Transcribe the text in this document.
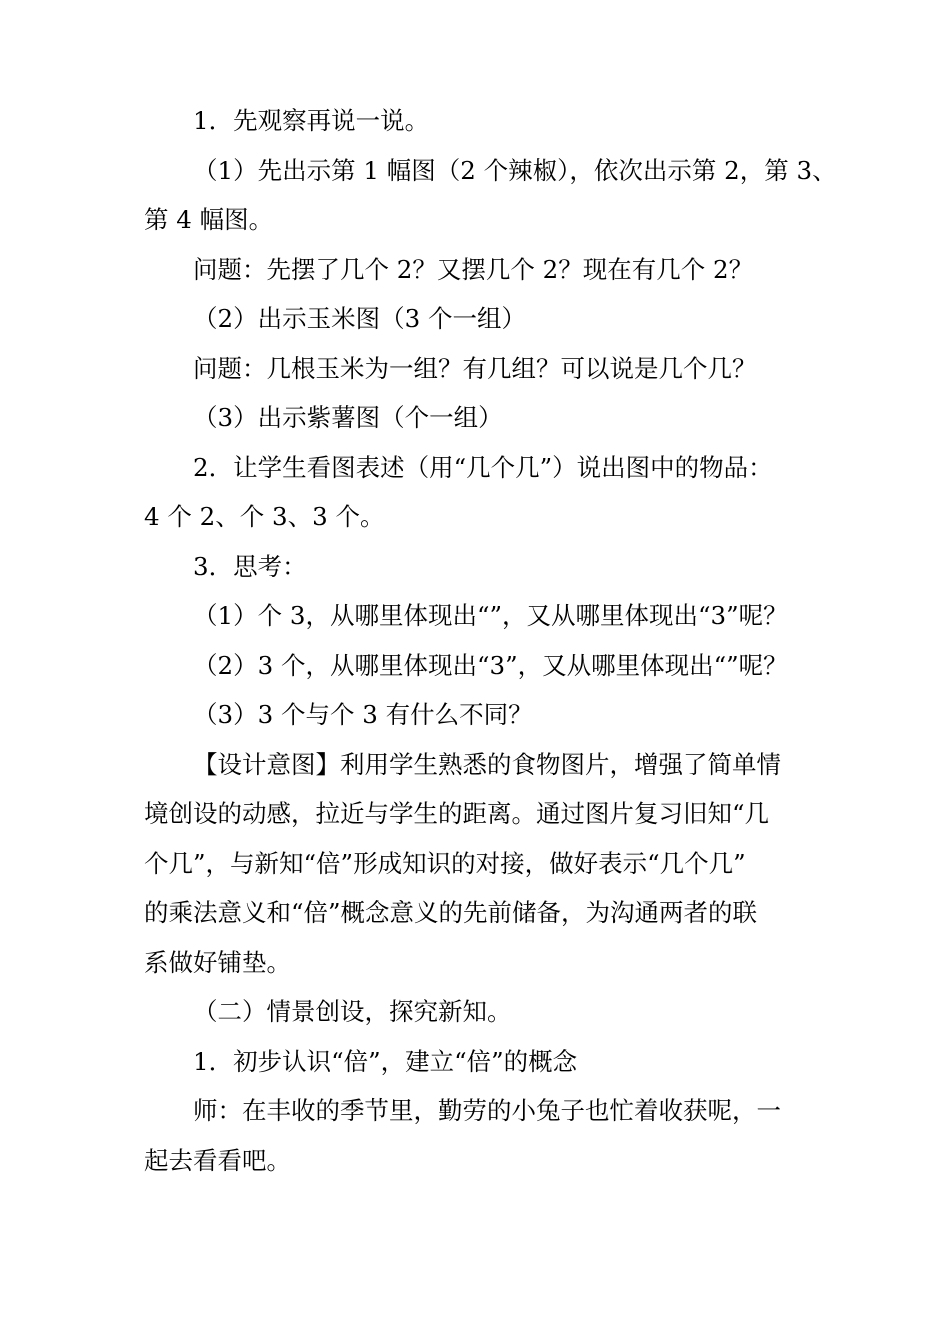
1．先观察再说一说。

（1）先出示第 1 幅图（2 个辣椒），依次出示第 2，第 3、

第 4 幅图。

问题：先摆了几个 2？又摆几个 2？现在有几个 2？

（2）出示玉米图（3 个一组）

问题：几根玉米为一组？有几组？可以说是几个几？

（3）出示紫薯图（个一组）

2．让学生看图表述（用“几个几”）说出图中的物品：

4 个 2、个 3、3 个。

3．思考：

（1）个 3，从哪里体现出“”，又从哪里体现出“3”呢？

（2）3 个，从哪里体现出“3”，又从哪里体现出“”呢？

（3）3 个与个 3 有什么不同？

【设计意图】利用学生熟悉的食物图片，增强了简单情

境创设的动感，拉近与学生的距离。通过图片复习旧知“几

个几”，与新知“倍”形成知识的对接，做好表示“几个几”

的乘法意义和“倍”概念意义的先前储备，为沟通两者的联

系做好铺垫。

（二）情景创设，探究新知。

1．初步认识“倍”，建立“倍”的概念

师：在丰收的季节里，勤劳的小兔子也忙着收获呢，一

起去看看吧。
